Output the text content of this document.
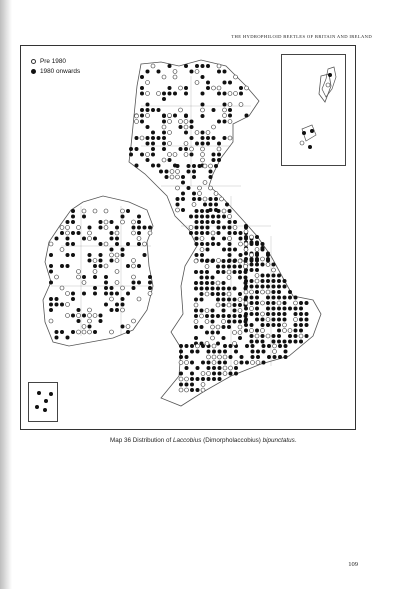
THE HYDROPHILOID BEETLES OF BRITAIN AND IRELAND
Pre 1980
1980 onwards
Map 36 Distribution of Laccobius (Dimorpholaccobius) bipunctatus.
109
